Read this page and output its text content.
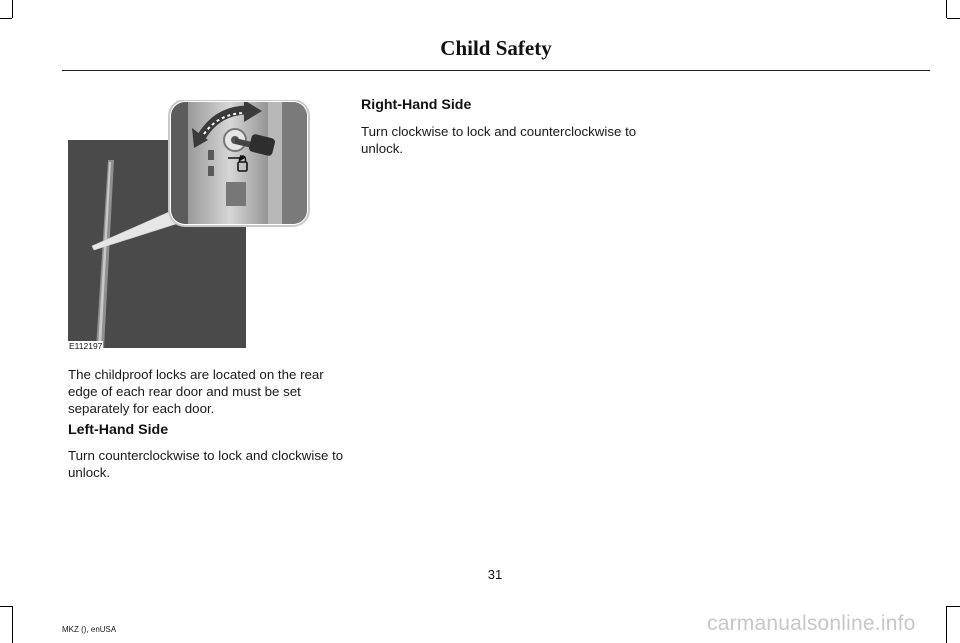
Child Safety
E112197

The childproof locks are located on the rear edge of each rear door and must be set separately for each door.

Left-Hand Side

Turn counterclockwise to lock and clockwise to unlock.

Right-Hand Side

Turn clockwise to lock and counterclockwise to unlock.

31
MKZ (), enUSA	carmanualsonline.info
